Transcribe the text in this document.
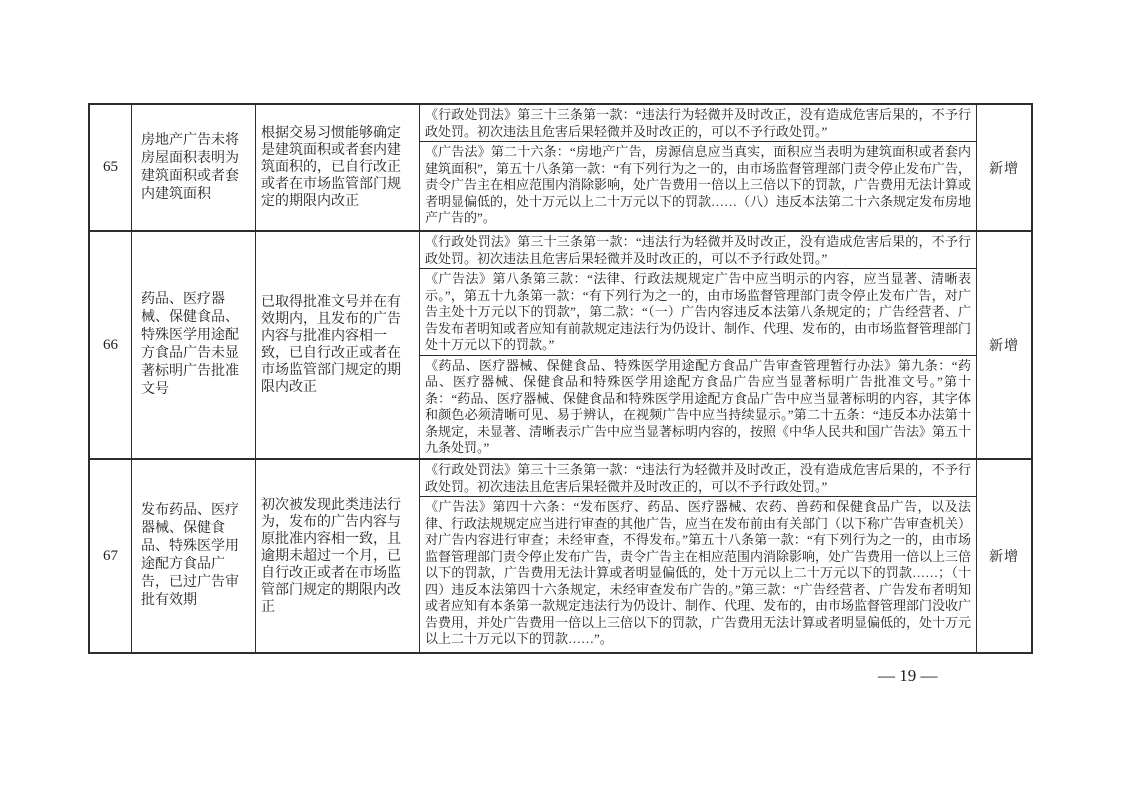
65
房地产广告未将房屋面积表明为建筑面积或者套内建筑面积
根据交易习惯能够确定是建筑面积或者套内建筑面积的，已自行改正或者在市场监管部门规定的期限内改正
《行政处罚法》第三十三条第一款：“违法行为轻微并及时改正，没有造成危害后果的，不予行政处罚。初次违法且危害后果轻微并及时改正的，可以不予行政处罚。”
《广告法》第二十六条：“房地产广告，房源信息应当真实，面积应当表明为建筑面积或者套内建筑面积”，第五十八条第一款：“有下列行为之一的，由市场监督管理部门责令停止发布广告，责令广告主在相应范围内消除影响，处广告费用一倍以上三倍以下的罚款，广告费用无法计算或者明显偏低的，处十万元以上二十万元以下的罚款……（八）违反本法第二十六条规定发布房地产广告的”。
新增
66
药品、医疗器械、保健食品、特殊医学用途配方食品广告未显著标明广告批准文号
已取得批准文号并在有效期内，且发布的广告内容与批准内容相一致，已自行改正或者在市场监管部门规定的期限内改正
《行政处罚法》第三十三条第一款：“违法行为轻微并及时改正，没有造成危害后果的，不予行政处罚。初次违法且危害后果轻微并及时改正的，可以不予行政处罚。”
《广告法》第八条第三款：“法律、行政法规规定广告中应当明示的内容，应当显著、清晰表示。”，第五十九条第一款：“有下列行为之一的，由市场监督管理部门责令停止发布广告，对广告主处十万元以下的罚款”，第二款：“（一）广告内容违反本法第八条规定的；广告经营者、广告发布者明知或者应知有前款规定违法行为仍设计、制作、代理、发布的，由市场监督管理部门处十万元以下的罚款。”
《药品、医疗器械、保健食品、特殊医学用途配方食品广告审查管理暂行办法》第九条：“药品、医疗器械、保健食品和特殊医学用途配方食品广告应当显著标明广告批准文号。”第十条：“药品、医疗器械、保健食品和特殊医学用途配方食品广告中应当显著标明的内容，其字体和颜色必须清晰可见、易于辨认，在视频广告中应当持续显示。”第二十五条：“违反本办法第十条规定，未显著、清晰表示广告中应当显著标明内容的，按照《中华人民共和国广告法》第五十九条处罚。”
新增
67
发布药品、医疗器械、保健食品、特殊医学用途配方食品广告，已过广告审批有效期
初次被发现此类违法行为，发布的广告内容与原批准内容相一致，且逾期未超过一个月，已自行改正或者在市场监管部门规定的期限内改正
《行政处罚法》第三十三条第一款：“违法行为轻微并及时改正，没有造成危害后果的，不予行政处罚。初次违法且危害后果轻微并及时改正的，可以不予行政处罚。”
《广告法》第四十六条：“发布医疗、药品、医疗器械、农药、兽药和保健食品广告，以及法律、行政法规规定应当进行审查的其他广告，应当在发布前由有关部门（以下称广告审查机关）对广告内容进行审查；未经审查，不得发布。”第五十八条第一款：“有下列行为之一的，由市场监督管理部门责令停止发布广告，责令广告主在相应范围内消除影响，处广告费用一倍以上三倍以下的罚款，广告费用无法计算或者明显偏低的，处十万元以上二十万元以下的罚款……；（十四）违反本法第四十六条规定，未经审查发布广告的。”第三款：“广告经营者、广告发布者明知或者应知有本条第一款规定违法行为仍设计、制作、代理、发布的，由市场监督管理部门没收广告费用，并处广告费用一倍以上三倍以下的罚款，广告费用无法计算或者明显偏低的，处十万元以上二十万元以下的罚款……”。
新增
— 19 —
